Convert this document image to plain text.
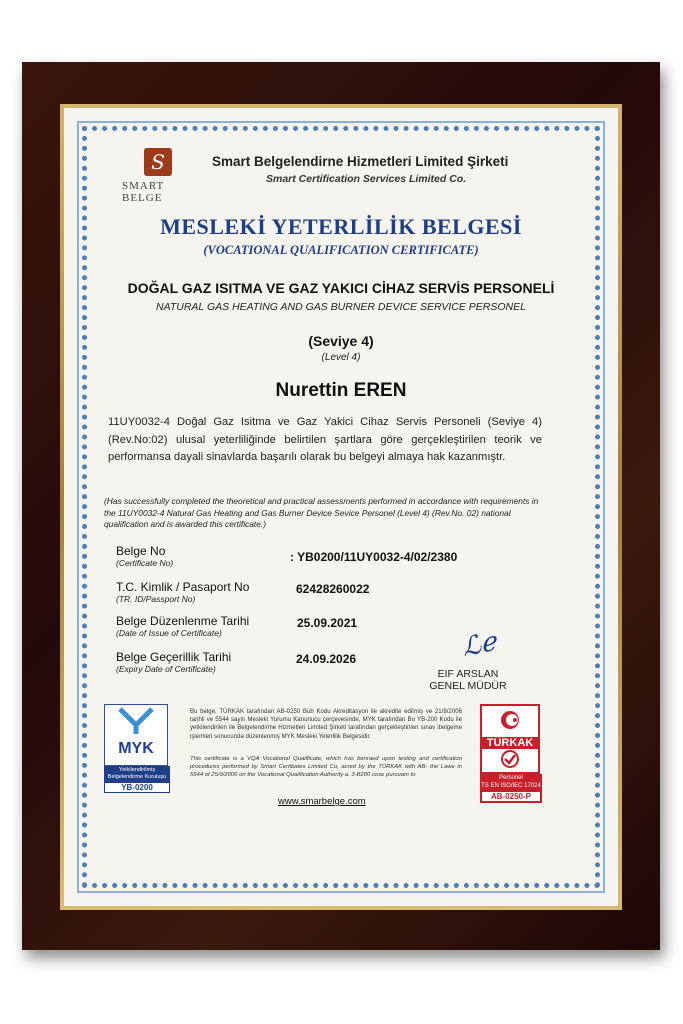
S
SMART BELGE
Smart Belgelendirne Hizmetleri Limited Şirketi
Smart Certification Services Limited Co.
MESLEKİ YETERLİLİK BELGESİ
(VOCATIONAL QUALIFICATION CERTIFICATE)
DOĞAL GAZ ISITMA VE GAZ YAKICI CİHAZ SERVİS PERSONELİ
NATURAL GAS HEATING AND GAS BURNER DEVICE SERVICE PERSONEL
(Seviye 4)
(Level 4)
Nurettin EREN
11UY0032-4 Doğal Gaz Isitma ve Gaz Yakici Cihaz Servis Personeli (Seviye 4) (Rev.No:02) ulusal yeterliliğinde belirtilen şartlara göre gerçekleştirilen teorik ve performansa dayali sinavlarda başarılı olarak bu belgeyi almaya hak kazanmıştr.
(Has successfully completed the theoretical and practical assessments performed in accordance with requirements in the 11UY0032-4 Natural Gas Heating and Gas Burner Device Sevice Personel (Level 4) (Rev.No. 02) national qualification and is awarded this certificate.)
Belge No
(Certificate No)	: YB0200/11UY0032-4/02/2380
T.C. Kimlik / Pasaport No
(TR. ID/Passport No)
62428260022
Belge Düzenlenme Tarihi
(Date of Issue of Certificate)
25.09.2021
Belge Geçerillik Tarihi
(Expiry Date of Certificate)
24.09.2026	ℒℯ
EIF ARSLAN
GENEL MÜDÜR
MYK
Yetkilendirilmiş Belgelendirme Kuruluşu
YB-0200
Bu belge, TÜRKAK tarafından AB-0250 Bub Kodu Akreditasyon ile akredite edilmiş ve 21/9/2006 tarihli ve 5544 sayılı Mesleki Yurumu Kanunucu çerçevesinde, MYK tarafından Bu YB-200 Kodu ile yetkilendirilen ile Belgelendirme Hizmetleri Limited Şirketi tarafından gerçekleştirilen sınav ibelgeme işlemleri sonucunda düzenlenmiş MYK Mesleki Yeterlilik Belgesidir.
This certificate is a VQA Vocational Qualificate, which has benraed upon testing and certification procedures performed by Smart Certibates Limited Co, acred by the TÜRKAK with AB- the Lawe in 5544 of 25/9/2006 on the Vocational Qualification Authority a. 3-B200 cose purcuam to
www.smarbelge.com
TÜRKAK
Personel
TS EN ISO/IEC 17024
AB-0250-P
